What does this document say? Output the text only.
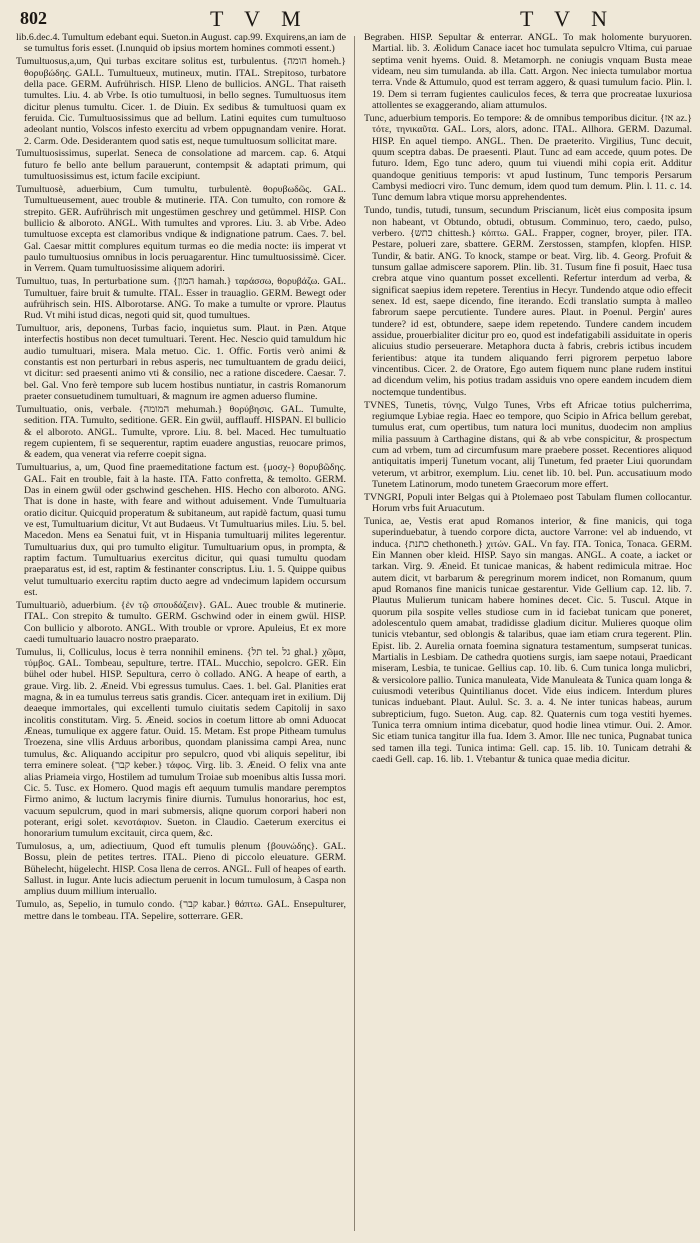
802	T V M	T V N

lib.6.dec.4. Tumultum edebant equi. Sueton.in August. cap.99. Exquirens,an iam de se tumultus foris esset. (I.nunquid ob ipsius mortem homines commoti essent.)

Tumultuosus,a,um, Qui turbas excitare solitus est, turbulentus. {הומה homeh.} θορυβώδης. GALL. Tumultueux, mutineux, mutin. ITAL. Strepitoso, turbatore della pace. GERM. Aufrührisch. HISP. Lleno de bullicios. ANGL. That raiseth tumultes. Liu. 4. ab Vrbe. Is otio tumultuosi, in bello segnes. Tumultuosus item dicitur plenus tumultu. Cicer. 1. de Diuin. Ex sedibus & tumultuosi quam ex feruida. Cic. Tumultuosissimus que ad bellum. Latini equites cum tumultuoso adeolant nuntio, Volscos infesto exercitu ad vrbem oppugnandam venire. Horat. 2. Carm. Ode. Desiderantem quod satis est, neque tumultuosum sollicitat mare.

Tumultuosissimus, superlat. Seneca de consolatione ad marcem. cap. 6. Atqui futuro fe bello ante bellum parauerunt, contempsit & adaptati primum, qui tumultuosissimus est, ictum facile excipiunt.

Tumultuosè, aduerbium, Cum tumultu, turbulentè. θορυβωδῶς. GAL. Tumultueusement, auec trouble & mutinerie. ITA. Con tumulto, con romore & strepito. GER. Aufrührisch mit ungestümen geschrey und getümmel. HISP. Con bullicio & alboroto. ANGL. With tumultes and vprores. Liu. 3. ab Vrbe. Adeo tumultuose excepta est clamoribus vndique & indignatione patrum. Caes. 7. bel. Gal. Caesar mittit complures equitum turmas eo die media nocte: iis imperat vt paulo tumultuosius omnibus in locis peruagarentur. Hinc tumultuosissimè. Cicer. in Verrem. Quam tumultuosissime aliquem adoriri.

Tumultuo, tuas, In perturbatione sum. {המון hamah.} ταράσσω, θορυβάζω. GAL. Tumultuer, faire bruit & tumulte. ITAL. Esser in trauaglio. GERM. Bewegt oder aufrührisch sein. HIS. Alborotarse. ANG. To make a tumulte or vprore. Plautus Rud. Vt mihi istud dicas, negoti quid sit, quod tumultues.

Tumultuor, aris, deponens, Turbas facio, inquietus sum. Plaut. in Pæn. Atque interfectis hostibus non decet tumultuari. Terent. Hec. Nescio quid tamuldum hic audio tumultuari, misera. Mala metuo. Cic. 1. Offic. Fortis verò animi & constantis est non perturbari in rebus asperis, nec tumultuantem de gradu deiici, vt dicitur: sed praesenti animo vti & consilio, nec a ratione discedere. Caesar. 7. bel. Gal. Vno ferè tempore sub lucem hostibus nuntiatur, in castris Romanorum praeter consuetudinem tumultuari, & magnum ire agmen aduerso flumine.

Tumultuatio, onis, verbale. {המומה mehumah.} θορύβησις. GAL. Tumulte, sedition. ITA. Tumulto, seditione. GER. Ein gwül, aufflauff. HISPAN. El bullicio & el alboroto. ANGL. Tumulte, vprore. Liu. 8. bel. Maced. Hec tumultuatio regem cupientem, fi se sequerentur, raptim euadere angustias, reuocare primos, & eadem, qua venerat via referre coepit signa.

Tumultuarius, a, um, Quod fine praemeditatione factum est. {μοσχ-} θορυβῶδης. GAL. Fait en trouble, fait à la haste. ITA. Fatto confretta, & temolto. GERM. Das in einem gwül oder gschwind geschehen. HIS. Hecho con alboroto. ANG. That is done in haste, with feare and without aduisement. Vnde Tumultuaria oratio dicitur. Quicquid properatum & subitaneum, aut rapidè factum, quasi tumu ve est, Tumultuarium dicitur, Vt aut Budaeus. Vt Tumultuarius miles. Liu. 5. bel. Macedon. Mens ea Senatui fuit, vt in Hispania tumultuarij milites legerentur. Tumultuarius dux, qui pro tumulto eligitur. Tumultuarium opus, in prompta, & raptim factum. Tumultuarius exercitus dicitur, qui quasi tumultu quodam praeparatus est, id est, raptim & festinanter conscriptus. Liu. 1. 5. Quippe quibus velut tumultuario exercitu raptim ducto aegre ad vndecimum lapidem occursum est.

Tumultuariò, aduerbium. {ἐν τῷ σπουδάζειν}. GAL. Auec trouble & mutinerie. ITAL. Con strepito & tumulto. GERM. Gschwind oder in einem gwül. HISP. Con bullicio y alboroto. ANGL. With trouble or vprore. Apuleius, Et ex more caedi tumultuario lauacro nostro praeparato.

Tumulus, li, Colliculus, locus è terra nonnihil eminens. {תל tel. גל ghal.} χῶμα, τύμβος. GAL. Tombeau, sepulture, tertre. ITAL. Mucchio, sepolcro. GER. Ein bühel oder hubel. HISP. Sepultura, cerro ò collado. ANG. A heape of earth, a graue. Virg. lib. 2. Æneid. Vbi egressus tumulus. Caes. 1. bel. Gal. Planities erat magna, & in ea tumulus terreus satis grandis. Cicer. antequam iret in exilium. Dij deaeque immortales, qui excellenti tumulo ciuitatis sedem Capitolij in saxo incolitis constitutam. Virg. 5. Æneid. socios in coetum littore ab omni Aduocat Æneas, tumulique ex aggere fatur. Ouid. 15. Metam. Est prope Pitheam tumulus Troezena, sine vllis Arduus arboribus, quondam planissima campi Area, nunc tumulus, &c. Aliquando accipitur pro sepulcro, quod vbi aliquis sepelitur, ibi terra eminere soleat. {קבר keber.} τάφος. Virg. lib. 3. Æneid. O felix vna ante alias Priameia virgo, Hostilem ad tumulum Troiae sub moenibus altis Iussa mori. Cic. 5. Tusc. ex Homero. Quod magis eft aequum tumulis mandare peremptos Firmo animo, & luctum lacrymis finire diurnis. Tumulus honorarius, hoc est, vacuum sepulcrum, quod in mari submersis, aliqne quorum corpori haberi non poterant, erigi solet. κενοτάφιον. Sueton. in Claudio. Caeterum exercitus ei honorarium tumulum excitauit, circa quem, &c.

Tumulosus, a, um, adiectiuum, Quod eft tumulis plenum {βουνώδης}. GAL. Bossu, plein de petites tertres. ITAL. Pieno di piccolo eleuature. GERM. Bühelecht, hügelecht. HISP. Cosa llena de cerros. ANGL. Full of heapes of earth. Sallust. in Iugur. Ante lucis adiectum peruenit in locum tumulosum, à Caspa non amplius duum millium interuallo.

Tumulo, as, Sepelio, in tumulo condo. {קבר kabar.} θάπτω. GAL. Ensepulturer, mettre dans le tombeau. ITA. Sepelire, sotterrare. GER.

Begraben. HISP. Sepultar & enterrar. ANGL. To mak holomente buryuoren. Martial. lib. 3. Æolidum Canace iacet hoc tumulata sepulcro Vltima, cui paruae septima venit hyems. Ouid. 8. Metamorph. ne coniugis vnquam Busta meae videam, neu sim tumulanda. ab illa. Catt. Argon. Nec iniecta tumulabor mortua terra. Vnde & Attumulo, quod est terram aggero, & quasi tumulum facio. Plin. l. 19. Dem si terram fugientes cauliculos feces, & terra que procreatae luxuriosa attollentes se exaggerando, aliam attumulos.

Tunc, aduerbium temporis. Eo tempore: & de omnibus temporibus dicitur. {אז az.} τότε, τηνικαῦτα. GAL. Lors, alors, adonc. ITAL. Allhora. GERM. Dazumal. HISP. En aquel tiempo. ANGL. Then. De praeterito. Virgilius, Tunc decuit, quum sceptra dabas. De praesenti. Plaut. Tunc ad eam accede, quum potes. De futuro. Idem, Ego tunc adero, quum tui viuendi mihi copia erit. Additur quandoque genitiuus temporis: vt apud Iustinum, Tunc temporis Persarum Cambysi mediocri viro. Tunc demum, idem quod tum demum. Plin. l. 11. c. 14. Tunc demum labra vtique morsu apprehendentes.

Tundo, tundis, tutudi, tunsum, secundum Priscianum, licèt eius composita ipsum non habeant, vt Obtundo, obtudi, obtusum. Comminuo, tero, caedo, pulso, verbero. {כתש chittesh.} κόπτω. GAL. Frapper, cogner, broyer, piler. ITA. Pestare, polueri zare, sbattere. GERM. Zerstossen, stampfen, klopfen. HISP. Tundir, & batir. ANG. To knock, stampe or beat. Virg. lib. 4. Georg. Profuit & tunsum gallae admiscere saporem. Plin. lib. 31. Tusum fine fi posuit, Haec tusa crebra atque vino quantum posset excellenti. Refertur interdum ad verba, & significat saepius idem repetere. Terentius in Hecyr. Tundendo atque odio effecit senex. Id est, saepe dicendo, fine iterando. Ecdi translatio sumpta à malleo fabrorum saepe percutiente. Tundere aures. Plaut. in Poenul. Pergin' aures tundere? id est, obtundere, saepe idem repetendo. Tundere candem incudem assidue, prouerbialiter dicitur pro eo, quod est indefatigabili assiduitate in operis alicuius studio perseuerare. Metaphora ducta à fabris, crebris ictibus incudem ferientibus: atque ita tundem aliquando ferri pigrorem perpetuo labore vincentibus. Cicer. 2. de Oratore, Ego autem fiquem nunc plane rudem institui ad dicendum velim, his potius tradam assiduis vno opere eandem incudem diem noctemque tundentibus.

TVNES, Tunetis, τύνης, Vulgo Tunes, Vrbs eft Africae totius pulcherrima, regiumque Lybiae regia. Haec eo tempore, quo Scipio in Africa bellum gerebat, tumulus erat, cum opertibus, tum natura loci munitus, duodecim non amplius milia passuum à Carthagine distans, qui & ab vrbe conspicitur, & prospectum cum ad vrbem, tum ad circumfusum mare praebere posset. Recentiores aliquod antiquitatis imperij Tunetum vocant, alij Tunetum, fed praeter Liui quorundam veterum, vt arbitror, exemplum. Liu. cenet lib. 10. bel. Pun. accusatiuum modo Tunetem Latinorum, modo tunetem Graecorum more effert.

TVNGRI, Populi inter Belgas qui à Ptolemaeo post Tabulam flumen collocantur. Horum vrbs fuit Aruacutum.

Tunica, ae, Vestis erat apud Romanos interior, & fine manicis, qui toga superinduebatur, à tuendo corpore dicta, auctore Varrone: vel ab induendo, vt induca. {כתנת chethoneth.} χιτών. GAL. Vn fay. ITA. Tonica, Tonaca. GERM. Ein Mannen ober kleid. HISP. Sayo sin mangas. ANGL. A coate, a iacket or tarkan. Virg. 9. Æneid. Et tunicae manicas, & habent redimicula mitrae. Hoc autem dicit, vt barbarum & peregrinum morem indicet, non Romanum, quum apud Romanos fine manicis tunicae gestarentur. Vide Gellium cap. 12. lib. 7. Plautus Mulierum tunicam habere homines decet. Cic. 5. Tuscul. Atque in quorum pila sospite velles studiose cum in id faciebat tunicam que poneret, adolescentulo quem amabat, tradidisse gladium dicitur. Mulieres quoque olim tunicis vtebantur, sed oblongis & talaribus, quae iam etiam crura tegerent. Plin. Epist. lib. 2. Aurelia ornata foemina signatura testamentum, sumpserat tunicas. Martialis in Lesbiam. De cathedra quotiens surgis, iam saepe notaui, Praedicant miseram, Lesbia, te tunicae. Gellius cap. 10. lib. 6. Cum tunica longa mulicbri, & versicolore pallio. Tunica manuleata, Vide Manuleata & Tunica quam longa & cuiusmodi veteribus Quintilianus docet. Vide eius indicem. Interdum plures tunicas induebant. Plaut. Aulul. Sc. 3. a. 4. Ne inter tunicas habeas, aurum subrepticium, fugo. Sueton. Aug. cap. 82. Quaternis cum toga vestiti hyemes. Tunica terra omnium intima dicebatur, quod hodie linea vtimur. Oui. 2. Amor. Sic etiam tunica tangitur illa fua. Idem 3. Amor. Ille nec tunica, Pugnabat tunica sed tamen illa tegi. Tunica intima: Gell. cap. 15. lib. 10. Tunicam detrahi & caedi Gell. cap. 16. lib. 1. Vtebantur & tunica quae media dicitur.
